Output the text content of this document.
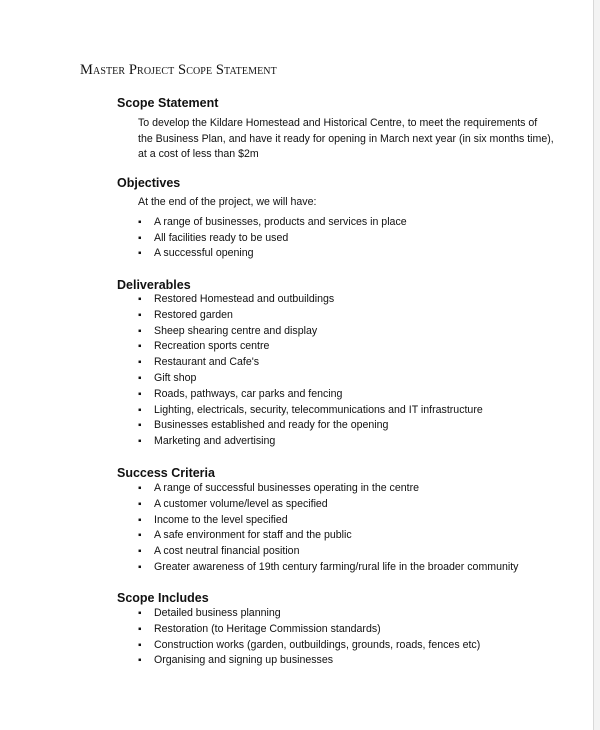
Master Project Scope Statement
Scope Statement

To develop the Kildare Homestead and Historical Centre, to meet the requirements of
the Business Plan, and have it ready for opening in March next year (in six months time),
at a cost of less than $2m

Objectives

At the end of the project, we will have:

▪ A range of businesses, products and services in place
▪ All facilities ready to be used
▪ A successful opening
Deliverables
▪ Restored Homestead and outbuildings
▪ Restored garden
▪ Sheep shearing centre and display
▪ Recreation sports centre
▪ Restaurant and Cafe's
▪ Gift shop
▪ Roads, pathways, car parks and fencing
▪ Lighting, electricals, security, telecommunications and IT infrastructure
▪ Businesses established and ready for the opening
▪ Marketing and advertising
Success Criteria
▪ A range of successful businesses operating in the centre
▪ A customer volume/level as specified
▪ Income to the level specified
▪ A safe environment for staff and the public
▪ A cost neutral financial position
▪ Greater awareness of 19th century farming/rural life in the broader community
Scope Includes
▪ Detailed business planning
▪ Restoration (to Heritage Commission standards)
▪ Construction works (garden, outbuildings, grounds, roads, fences etc)
▪ Organising and signing up businesses
